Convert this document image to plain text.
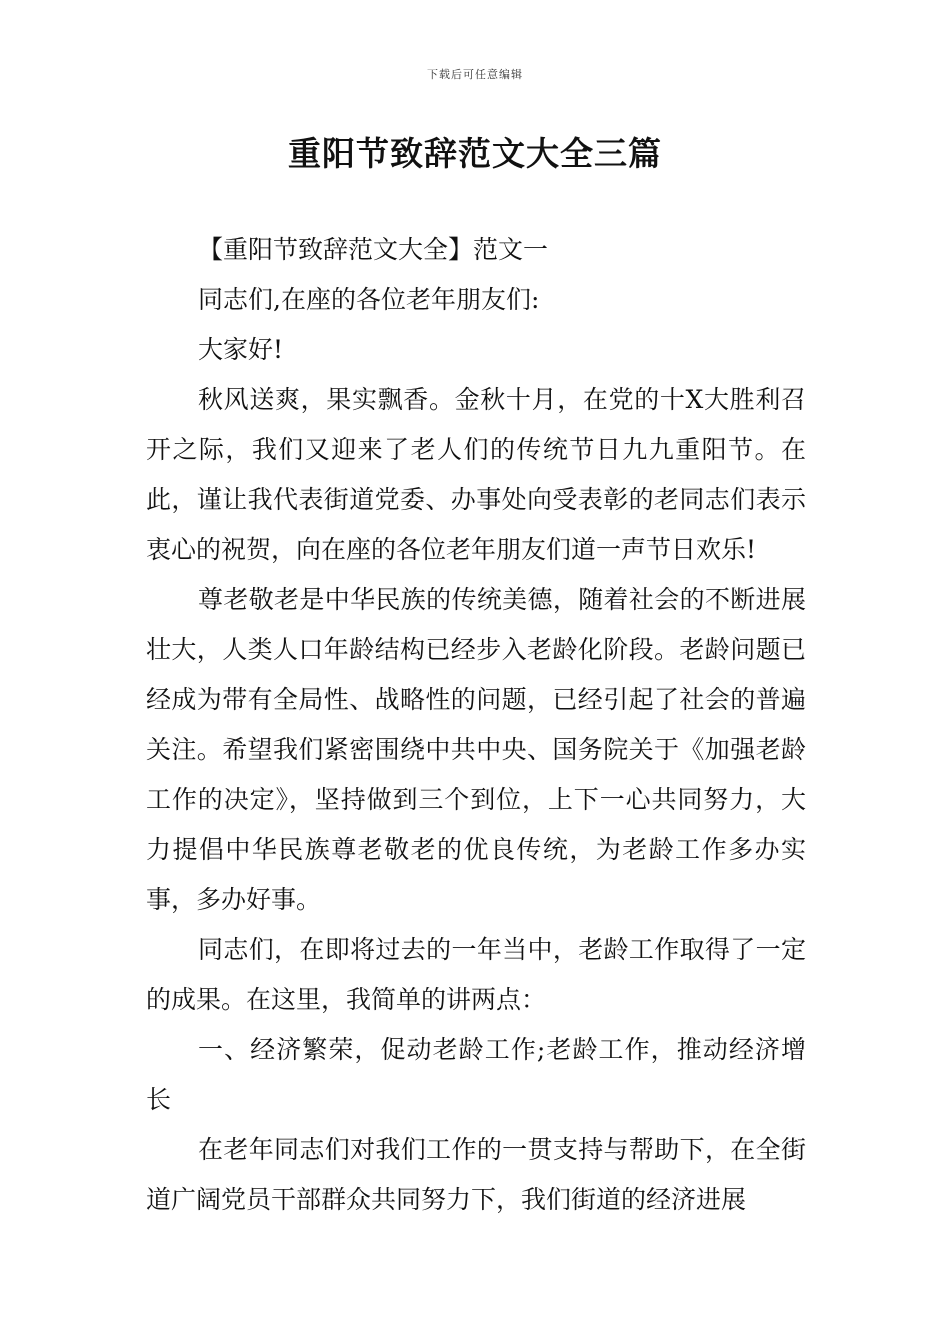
下载后可任意编辑
重阳节致辞范文大全三篇

【重阳节致辞范文大全】范文一

同志们,在座的各位老年朋友们:

大家好!

秋风送爽，果实飘香。金秋十月，在党的十X大胜利召开之际，我们又迎来了老人们的传统节日九九重阳节。在此，谨让我代表街道党委、办事处向受表彰的老同志们表示衷心的祝贺，向在座的各位老年朋友们道一声节日欢乐!

尊老敬老是中华民族的传统美德，随着社会的不断进展壮大，人类人口年龄结构已经步入老龄化阶段。老龄问题已经成为带有全局性、战略性的问题，已经引起了社会的普遍关注。希望我们紧密围绕中共中央、国务院关于《加强老龄工作的决定》，坚持做到三个到位，上下一心共同努力，大力提倡中华民族尊老敬老的优良传统，为老龄工作多办实事，多办好事。

同志们，在即将过去的一年当中，老龄工作取得了一定的成果。在这里，我简单的讲两点：

一、经济繁荣，促动老龄工作;老龄工作，推动经济增长

在老年同志们对我们工作的一贯支持与帮助下，在全街道广阔党员干部群众共同努力下，我们街道的经济进展
